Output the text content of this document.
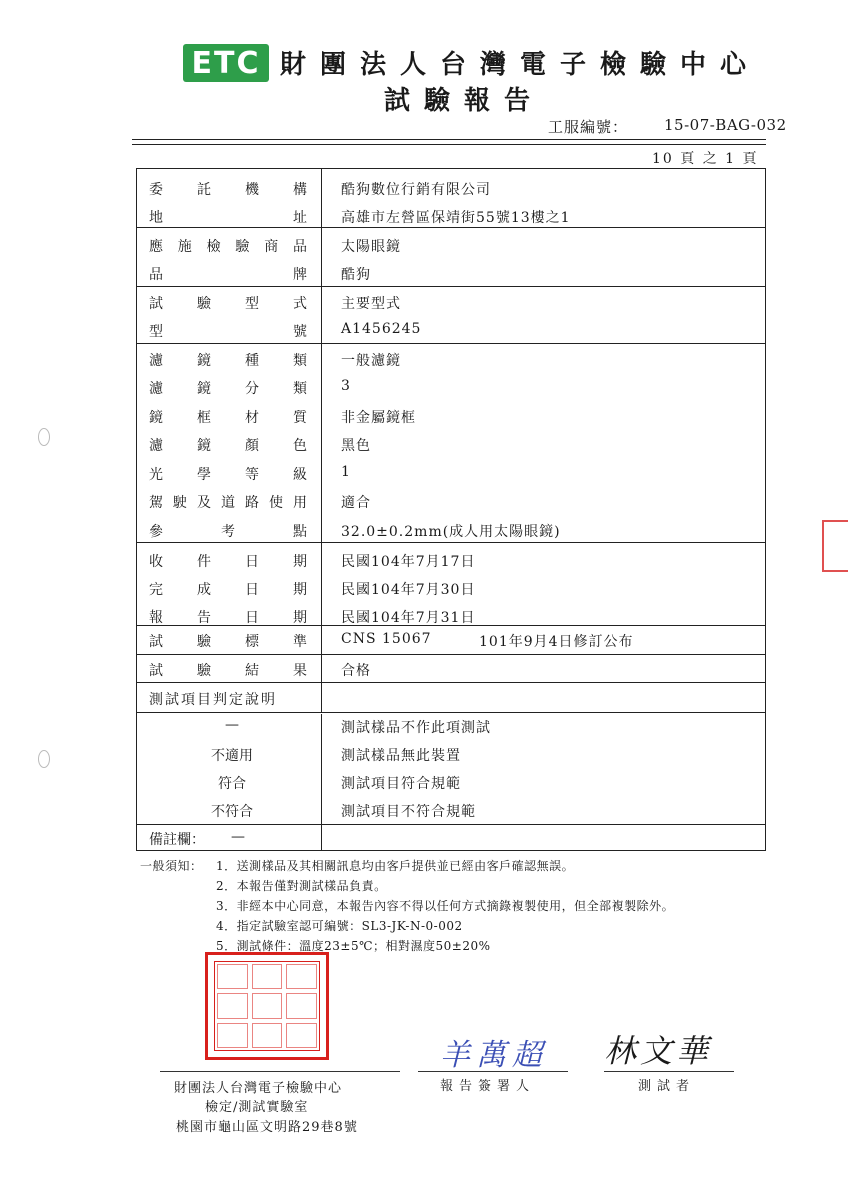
ETC 財團法人台灣電子檢驗中心
試驗報告
工服編號： 15-07-BAG-032
10 頁 之 1 頁
委 託 機 構 酷狗數位行銷有限公司
地	址 高雄市左營區保靖街55號13樓之1
應 施 檢 驗 商 品 太陽眼鏡
品	牌 酷狗
試 驗 型 式 主要型式
型	號 A1456245
濾 鏡 種 類 一般濾鏡
濾 鏡 分 類 3
鏡 框 材 質 非金屬鏡框
濾 鏡 顏 色 黑色
光 學 等 級 1
駕 駛 及 道 路 使 用 適合
參	考	點 32.0±0.2mm(成人用太陽眼鏡)
收 件 日 期 民國104年7月17日
完 成 日 期 民國104年7月30日
報 告 日 期 民國104年7月31日
試 驗 標 準 CNS 15067	101年9月4日修訂公布
試 驗 結 果 合格
測試項目判定說明
—	測試樣品不作此項測試
不適用	測試樣品無此裝置
符合	測試項目符合規範
不符合	測試項目不符合規範
備註欄： —
一般須知： 1．送測樣品及其相關訊息均由客戶提供並已經由客戶確認無誤。
2．本報告僅對測試樣品負責。
3．非經本中心同意，本報告內容不得以任何方式摘錄複製使用，但全部複製除外。
4．指定試驗室認可編號：SL3-JK-N-0-002
5．測試條件：溫度23±5℃；相對濕度50±20%
財團法人台灣電子檢驗中心
檢定/測試實驗室
桃園市龜山區文明路29巷8號
羊萬超
報告簽署人
林文華
測試者
